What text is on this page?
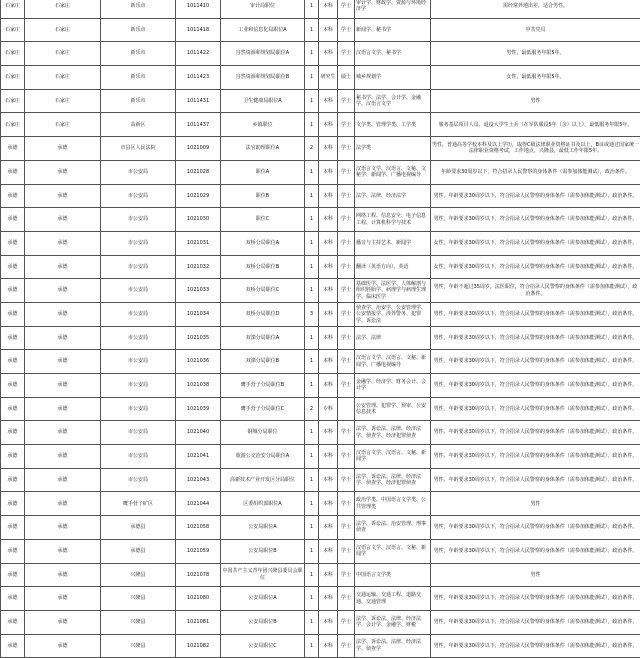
石家庄	石家庄	新乐市	1011410	审计局职位	1	本科	学士	审计学、财政学、资源与环境经济学	需经常外地出差，适合男性。
石家庄	石家庄	新乐市	1011418	工业和信息化局职位A	1	本科	学士	新闻学、秘书学	中共党员
石家庄	石家庄	新乐市	1011422	自然资源和规划局职位A	1	本科	学士	汉语言文学、秘书学	男性，最低服务年限5年。
石家庄	石家庄	新乐市	1011423	自然资源和规划局职位B	1	研究生	硕士	城乡规划学	女性，最低服务年限5年。
石家庄	石家庄	新乐市	1011431	卫生健康局职位A	1	本科	学士	秘书学、法学、会计学、金融学、汉语言文学	男性
石家庄	石家庄	高新区	1011437	乡镇职位	1	本科	学士	文学类、管理学类、工学类	服务基层项目人员、退役大学生士兵（在军队服役5年（含）以上），最低服务年限5年。
承德	承德	市县区人民法院	1021009	法官助理职位A	2	本科	学士	法学类	男性，普通高等学校本科及以上学历，取得C级法律职业资格证书及以上，B证或通过国家统一法律职业资格考试，工作地点，兴隆县，最低工作年限5年。
承德	承德	市公安局	1021028	职位A	1	本科	学士	汉语言文学、汉语言、文秘、文秘学、新闻学、广播电视编导	年龄要求30周岁以下，符合招录人民警察的身体条件（需参加体能测试），政治条件。
承德	承德	市公安局	1021029	职位B	1	本科	学士	法学、法律、经济法学	男性，年龄要求30周岁以下，符合招录人民警察的身体条件（需参加体能测试），政治条件。
承德	承德	市公安局	1021030	职位C	1	本科	学士	网络工程、信息安全、电子信息工程、计算机科学与技术	男性，年龄要求30周岁以下，符合招录人民警察的身体条件（需参加体能测试），政治条件。
承德	承德	市公安局	1021031	双桥分局职位A	1	本科	学士	播音与主持艺术、新闻学	女性，年龄要求30周岁以下，符合招录人民警察的身体条件（需参加体能测试），政治条件。
承德	承德	市公安局	1021032	双桥分局职位B	1	本科	学士	翻译（英语方向）、英语	女性，年龄要求30周岁以下，符合招录人民警察的身体条件（需参加体能测试），政治条件。
承德	承德	市公安局	1021033	双桥分局职位C	1	本科	学士	基础医学、法医学、人体解剖与组织胚胎学、病理学与病理生理学、临床医学	男性，年龄不超过35周岁，法医职位，符合招录人民警察的身体条件（需参加体能测试），政治条件。
承德	承德	市公安局	1021034	双桥分局职位D	3	本科	学士	侦查学、治安学、公安管理学、公安情报学、涉外警务、犯罪学、诉讼法	男性，年龄要求30周岁以下，符合招录人民警察的身体条件（需参加体能测试），政治条件。
承德	承德	市公安局	1021035	双滦分局职位A	1	本科	学士	法学、法律	男性，年龄要求30周岁以下，符合招录人民警察的身体条件（需参加体能测试），政治条件。
承德	承德	市公安局	1021036	双滦分局职位B	1	本科	学士	汉语言文学、汉语言、文秘、新闻学、广播电视编导	男性，年龄要求30周岁以下，符合招录人民警察的身体条件（需参加体能测试），政治条件。
承德	承德	市公安局	1021038	鹰手营子分局职位B	1	本科	学士	金融学、经济学、财务会计、会计学	男性，年龄要求30周岁以下，符合招录人民警察的身体条件（需参加体能测试），政治条件。
承德	承德	市公安局	1021039	鹰手营子分局职位C	2	专科		公安管理、犯罪学、预审、公安信息技术	男性，年龄要求30周岁以下，符合招录人民警察的身体条件（需参加体能测试），政治条件。
承德	承德	市公安局	1021040	钢城分局职位	1	本科	学士	法学、诉讼法、法律、经济法学、侦查学、经济犯罪侦查	男性，年龄要求30周岁以下，符合招录人民警察的身体条件（需参加体能测试），政治条件。
承德	承德	市公安局	1021041	旅游公交治安分局职位A	1	本科	学士	汉语言文学、汉语言、文秘、新闻学	男性，年龄要求30周岁以下，符合招录人民警察的身体条件（需参加体能测试），政治条件。
承德	承德	市公安局	1021043	高新技术产业开发区分局职位	1	本科	学士	法学、诉讼法、法律、经济法学、侦查学、经济犯罪侦查	男性，年龄要求30周岁以下，符合招录人民警察的身体条件（需参加体能测试），政治条件。
承德	承德	鹰手营子矿区	1021044	区委组织部职位A	1	本科	学士	政治学类、中国语言文学类、公共管理类	男性
承德	承德	承德县	1021058	公安局职位A	1	本科	学士	法学、诉讼法、治安管理、刑事侦查	男性，年龄要求30周岁以下，符合招录人民警察的身体条件（需参加体能测试），政治条件。
承德	承德	承德县	1021059	公安局职位B	1	本科	学士	汉语言文学、汉语言、文秘、新闻学	男性，年龄要求30周岁以下，符合招录人民警察的身体条件（需参加体能测试），政治条件。
承德	承德	兴隆县	1021078	中国共产主义青年团兴隆县委员会职位	1	本科	学士	中国语言文学类	男性
承德	承德	兴隆县	1021080	公安局职位A	1	本科	学士	交通运输、交通工程、道路交通、交通管理	男性，年龄要求30周岁以下，符合招录人民警察的身体条件（需参加体能测试），政治条件。
承德	承德	兴隆县	1021081	公安局职位B	1	本科	学士	法学、诉讼法、法律、经济法学、会计学、金融学、财税	男性，年龄要求30周岁以下，符合招录人民警察的身体条件（需参加体能测试），政治条件。
承德	承德	兴隆县	1021082	公安局职位C	1	本科	学士	法学、诉讼法、法律、经济法学、侦查学	男性，年龄要求30周岁以下，符合招录人民警察的身体条件（需参加体能测试），政治条件。
